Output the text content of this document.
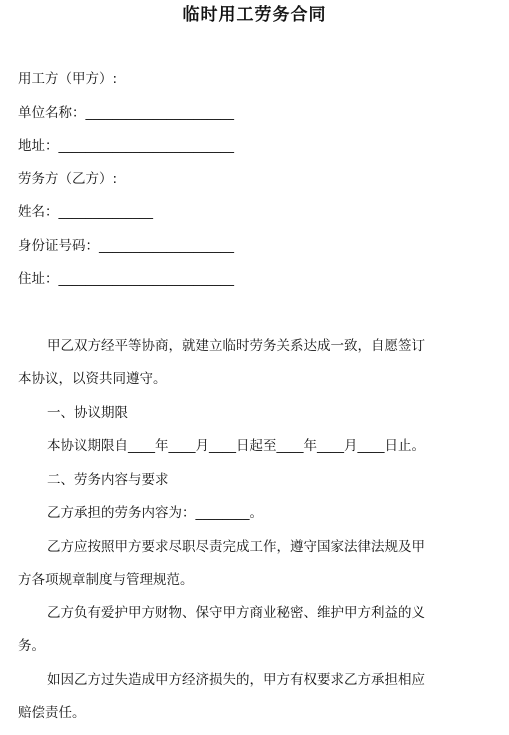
临时用工劳务合同
用工方（甲方）:
单位名称：______________________
地址：__________________________
劳务方（乙方）:
姓名：______________
身份证号码：____________________
住址：__________________________
甲乙双方经平等协商，就建立临时劳务关系达成一致，自愿签订
本协议，以资共同遵守。
一、协议期限
本协议期限自____年____月____日起至____年____月____日止。
二、劳务内容与要求
乙方承担的劳务内容为：________。
乙方应按照甲方要求尽职尽责完成工作，遵守国家法律法规及甲
方各项规章制度与管理规范。
乙方负有爱护甲方财物、保守甲方商业秘密、维护甲方利益的义
务。
如因乙方过失造成甲方经济损失的，甲方有权要求乙方承担相应
赔偿责任。
